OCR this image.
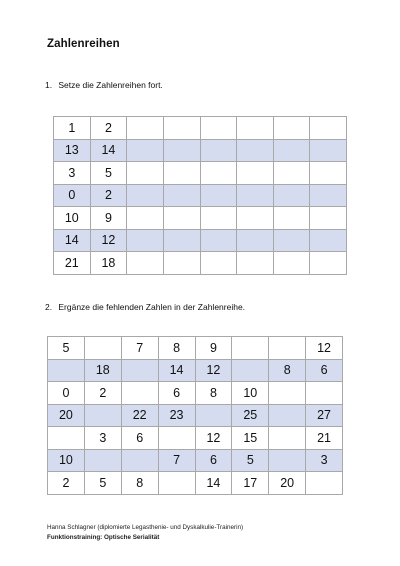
Zahlenreihen
1. Setze die Zahlenreihen fort.
1	2						
13	14						
3	5						
0	2						
10	9						
14	12						
21	18						
2. Ergänze die fehlenden Zahlen in der Zahlenreihe.
5		7	8	9			12
	18		14	12		8	6
0	2		6	8	10		
20		22	23		25		27
	3	6		12	15		21
10			7	6	5		3
2	5	8		14	17	20	
Hanna Schlagner (diplomierte Legasthenie- und Dyskalkulie-Trainerin)
Funktionstraining: Optische Serialität
